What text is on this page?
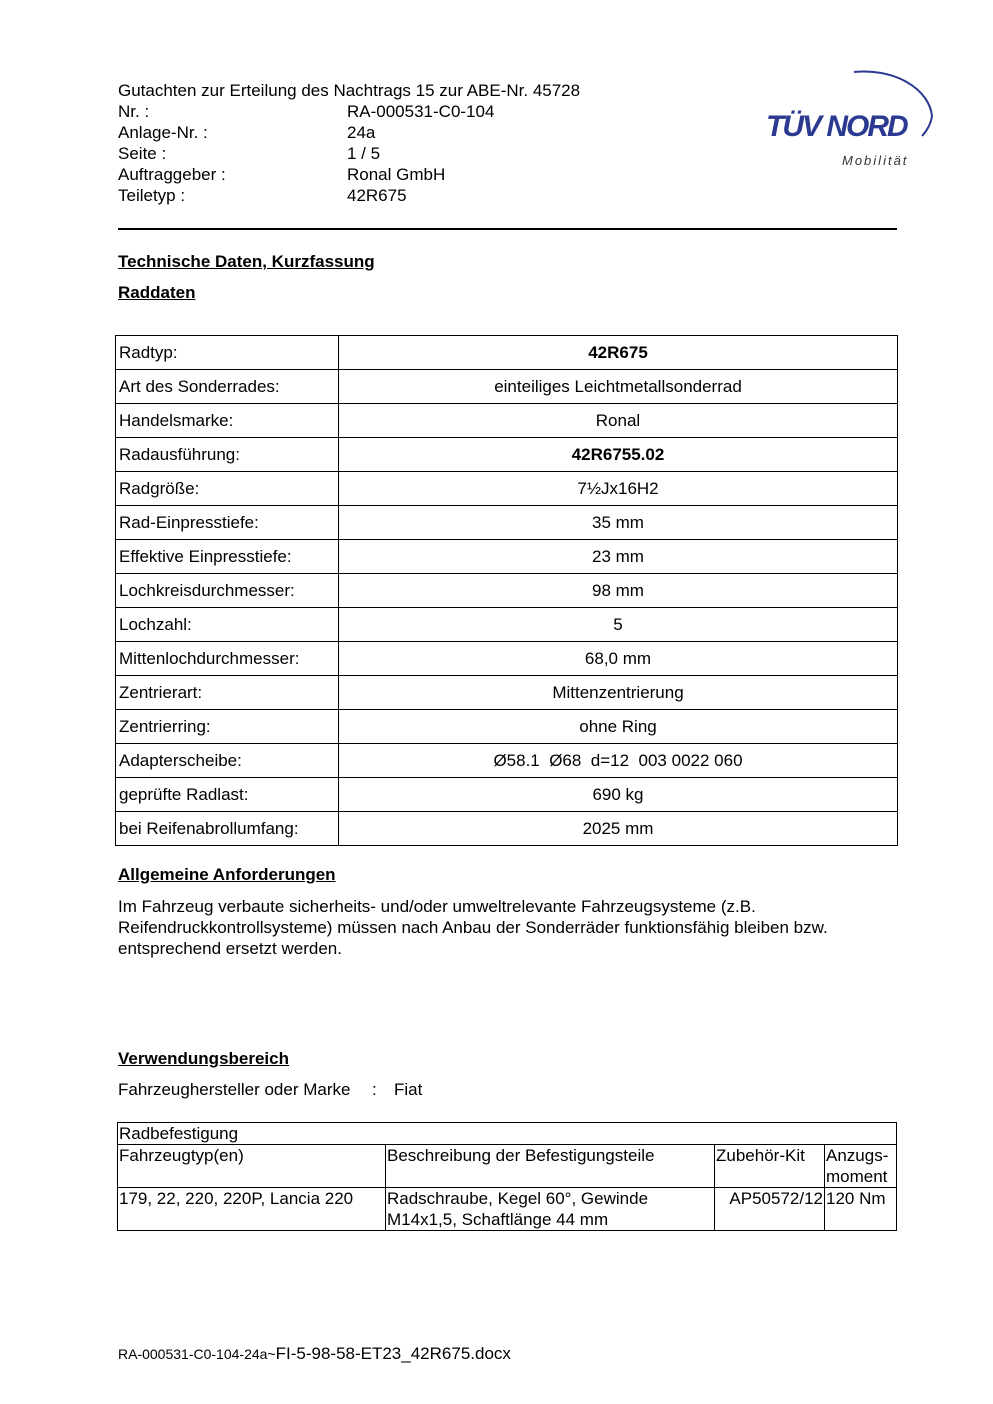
Gutachten zur Erteilung des Nachtrags 15 zur ABE-Nr. 45728
Nr. :	RA-000531-C0-104
Anlage-Nr. :	24a
Seite :	1 / 5
Auftraggeber :	Ronal GmbH
Teiletyp :	42R675
TÜV NORD
Mobilität
Technische Daten, Kurzfassung
Raddaten
Radtyp:	42R675
Art des Sonderrades:	einteiliges Leichtmetallsonderrad
Handelsmarke:	Ronal
Radausführung:	42R6755.02
Radgröße:	7½Jx16H2
Rad-Einpresstiefe:	35 mm
Effektive Einpresstiefe:	23 mm
Lochkreisdurchmesser:	98 mm
Lochzahl:	5
Mittenlochdurchmesser:	68,0 mm
Zentrierart:	Mittenzentrierung
Zentrierring:	ohne Ring
Adapterscheibe:	Ø58.1  Ø68  d=12  003 0022 060
geprüfte Radlast:	690 kg
bei Reifenabrollumfang:	2025 mm
Allgemeine Anforderungen
Im Fahrzeug verbaute sicherheits- und/oder umweltrelevante Fahrzeugsysteme (z.B. Reifendruckkontrollsysteme) müssen nach Anbau der Sonderräder funktionsfähig bleiben bzw. entsprechend ersetzt werden.
Verwendungsbereich
Fahrzeughersteller oder Marke	:	Fiat
Radbefestigung			
Fahrzeugtyp(en)	Beschreibung der Befestigungsteile	Zubehör-Kit	Anzugs-moment
179, 22, 220, 220P, Lancia 220	Radschraube, Kegel 60°, Gewinde M14x1,5, Schaftlänge 44 mm	AP50572/12	120 Nm
RA-000531-C0-104-24a~FI-5-98-58-ET23_42R675.docx
